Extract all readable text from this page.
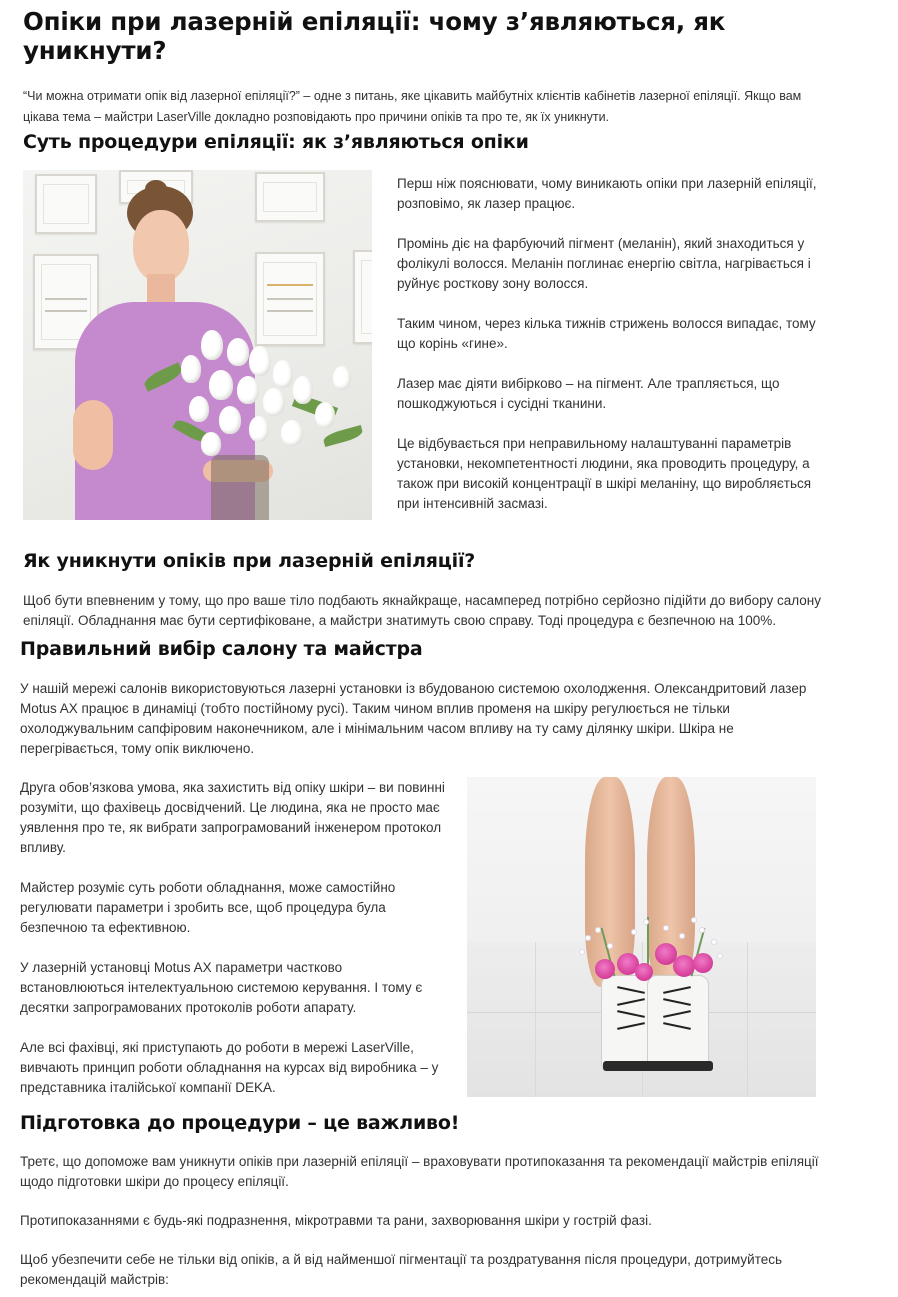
Опіки при лазерній епіляції: чому з’являються, як уникнути?

“Чи можна отримати опік від лазерної епіляції?” – одне з питань, яке цікавить майбутніх клієнтів кабінетів лазерної епіляції. Якщо вам цікава тема – майстри LaserVille докладно розповідають про причини опіків та про те, як їх уникнути.

Суть процедури епіляції: як з’являються опіки

Перш ніж пояснювати, чому виникають опіки при лазерній епіляції, розповімо, як лазер працює.

Промінь діє на фарбуючий пігмент (меланін), який знаходиться у фолікулі волосся. Меланін поглинає енергію світла, нагрівається і руйнує росткову зону волосся.

Таким чином, через кілька тижнів стрижень волосся випадає, тому що корінь «гине».

Лазер має діяти вибірково – на пігмент. Але трапляється, що пошкоджуються і сусідні тканини.

Це відбувається при неправильному налаштуванні параметрів установки, некомпетентності людини, яка проводить процедуру, а також при високій концентрації в шкірі меланіну, що виробляється при інтенсивній засмазі.

Як уникнути опіків при лазерній епіляції?

Щоб бути впевненим у тому, що про ваше тіло подбають якнайкраще, насамперед потрібно серйозно підійти до вибору салону епіляції. Обладнання має бути сертифіковане, а майстри знатимуть свою справу. Тоді процедура є безпечною на 100%.

Правильний вибір салону та майстра

У нашій мережі салонів використовуються лазерні установки із вбудованою системою охолодження. Олександритовий лазер Motus AX працює в динаміці (тобто постійному русі). Таким чином вплив променя на шкіру регулюється не тільки охолоджувальним сапфіровим наконечником, але і мінімальним часом впливу на ту саму ділянку шкіри. Шкіра не перегрівається, тому опік виключено.

Друга обов’язкова умова, яка захистить від опіку шкіри – ви повинні розуміти, що фахівець досвідчений. Це людина, яка не просто має уявлення про те, як вибрати запрограмований інженером протокол впливу.

Майстер розуміє суть роботи обладнання, може самостійно регулювати параметри і зробить все, щоб процедура була безпечною та ефективною.

У лазерній установці Motus AX параметри частково встановлюються інтелектуальною системою керування. І тому є десятки запрограмованих протоколів роботи апарату.

Але всі фахівці, які приступають до роботи в мережі LaserVille, вивчають принцип роботи обладнання на курсах від виробника – у представника італійської компанії DEKA.

Підготовка до процедури – це важливо!

Третє, що допоможе вам уникнути опіків при лазерній епіляції – враховувати протипоказання та рекомендації майстрів епіляції щодо підготовки шкіри до процесу епіляції.

Протипоказаннями є будь-які подразнення, мікротравми та рани, захворювання шкіри у гострій фазі.

Щоб убезпечити себе не тільки від опіків, а й від найменшої пігментації та роздратування після процедури, дотримуйтесь рекомендацій майстрів:
